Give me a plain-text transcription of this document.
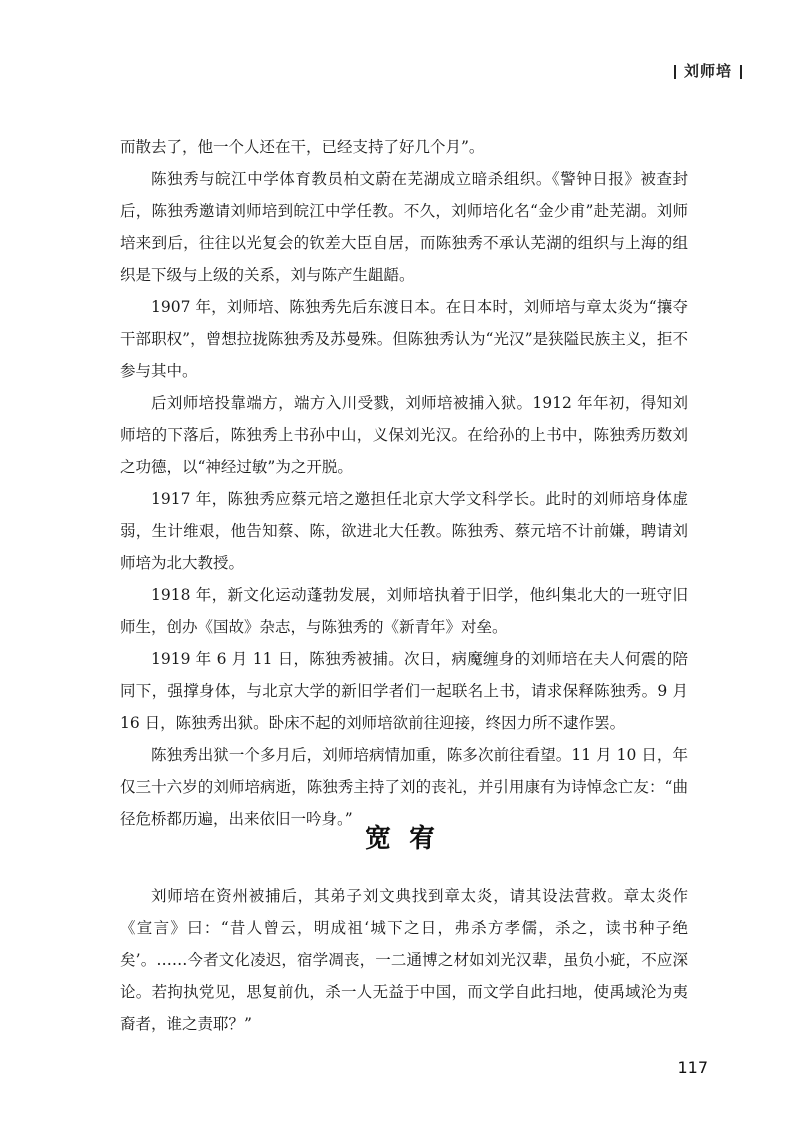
刘师培

而散去了，他一个人还在干，已经支持了好几个月”。

陈独秀与皖江中学体育教员柏文蔚在芜湖成立暗杀组织。《警钟日报》被查封后，陈独秀邀请刘师培到皖江中学任教。不久，刘师培化名“金少甫”赴芜湖。刘师培来到后，往往以光复会的钦差大臣自居，而陈独秀不承认芜湖的组织与上海的组织是下级与上级的关系，刘与陈产生龃龉。

1907 年，刘师培、陈独秀先后东渡日本。在日本时，刘师培与章太炎为“攘夺干部职权”，曾想拉拢陈独秀及苏曼殊。但陈独秀认为“光汉”是狭隘民族主义，拒不参与其中。

后刘师培投靠端方，端方入川受戮，刘师培被捕入狱。1912 年年初，得知刘师培的下落后，陈独秀上书孙中山，义保刘光汉。在给孙的上书中，陈独秀历数刘之功德，以“神经过敏”为之开脱。

1917 年，陈独秀应蔡元培之邀担任北京大学文科学长。此时的刘师培身体虚弱，生计维艰，他告知蔡、陈，欲进北大任教。陈独秀、蔡元培不计前嫌，聘请刘师培为北大教授。

1918 年，新文化运动蓬勃发展，刘师培执着于旧学，他纠集北大的一班守旧师生，创办《国故》杂志，与陈独秀的《新青年》对垒。

1919 年 6 月 11 日，陈独秀被捕。次日，病魔缠身的刘师培在夫人何震的陪同下，强撑身体，与北京大学的新旧学者们一起联名上书，请求保释陈独秀。9 月 16 日，陈独秀出狱。卧床不起的刘师培欲前往迎接，终因力所不逮作罢。

陈独秀出狱一个多月后，刘师培病情加重，陈多次前往看望。11 月 10 日，年仅三十六岁的刘师培病逝，陈独秀主持了刘的丧礼，并引用康有为诗悼念亡友：“曲径危桥都历遍，出来依旧一吟身。”

宽宥

刘师培在资州被捕后，其弟子刘文典找到章太炎，请其设法营救。章太炎作《宣言》曰：“昔人曾云，明成祖‘城下之日，弗杀方孝儒，杀之，读书种子绝矣’。……今者文化凌迟，宿学凋丧，一二通博之材如刘光汉辈，虽负小疵，不应深论。若拘执党见，思复前仇，杀一人无益于中国，而文学自此扫地，使禹域沦为夷裔者，谁之责耶？”

117
